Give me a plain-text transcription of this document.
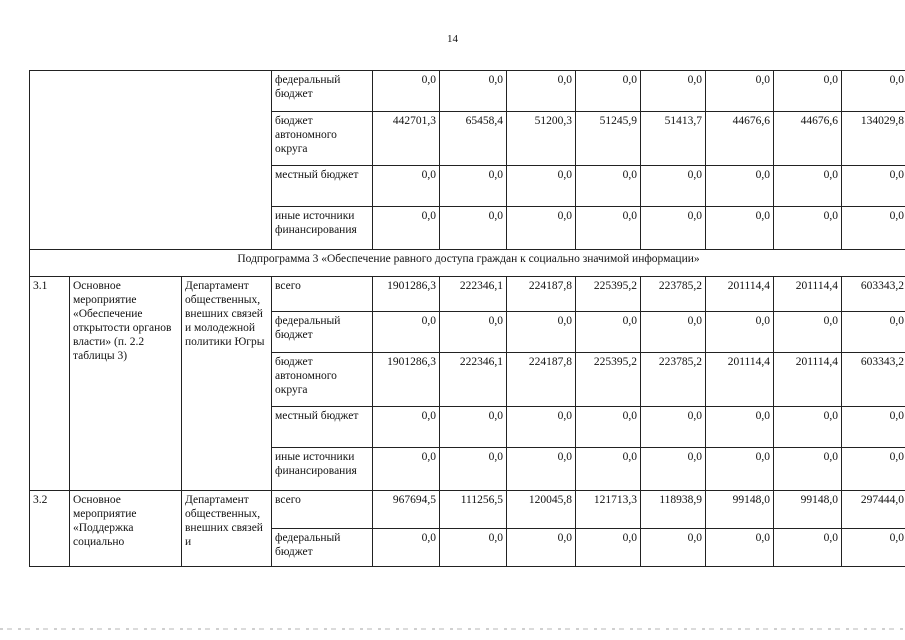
14
			федеральный бюджет	0,0	0,0	0,0	0,0	0,0	0,0	0,0	0,0
			бюджет автономного округа	442701,3	65458,4	51200,3	51245,9	51413,7	44676,6	44676,6	134029,8
			местный бюджет	0,0	0,0	0,0	0,0	0,0	0,0	0,0	0,0
			иные источники финансирования	0,0	0,0	0,0	0,0	0,0	0,0	0,0	0,0
Подпрограмма 3 «Обеспечение равного доступа граждан к социально значимой информации»											
3.1	Основное мероприятие «Обеспечение открытости органов власти» (п. 2.2 таблицы 3)	Департамент общественных, внешних связей и молодежной политики Югры	всего	1901286,3	222346,1	224187,8	225395,2	223785,2	201114,4	201114,4	603343,2
			федеральный бюджет	0,0	0,0	0,0	0,0	0,0	0,0	0,0	0,0
			бюджет автономного округа	1901286,3	222346,1	224187,8	225395,2	223785,2	201114,4	201114,4	603343,2
			местный бюджет	0,0	0,0	0,0	0,0	0,0	0,0	0,0	0,0
			иные источники финансирования	0,0	0,0	0,0	0,0	0,0	0,0	0,0	0,0
3.2	Основное мероприятие «Поддержка социально	Департамент общественных, внешних связей и	всего	967694,5	111256,5	120045,8	121713,3	118938,9	99148,0	99148,0	297444,0
			федеральный бюджет	0,0	0,0	0,0	0,0	0,0	0,0	0,0	0,0
